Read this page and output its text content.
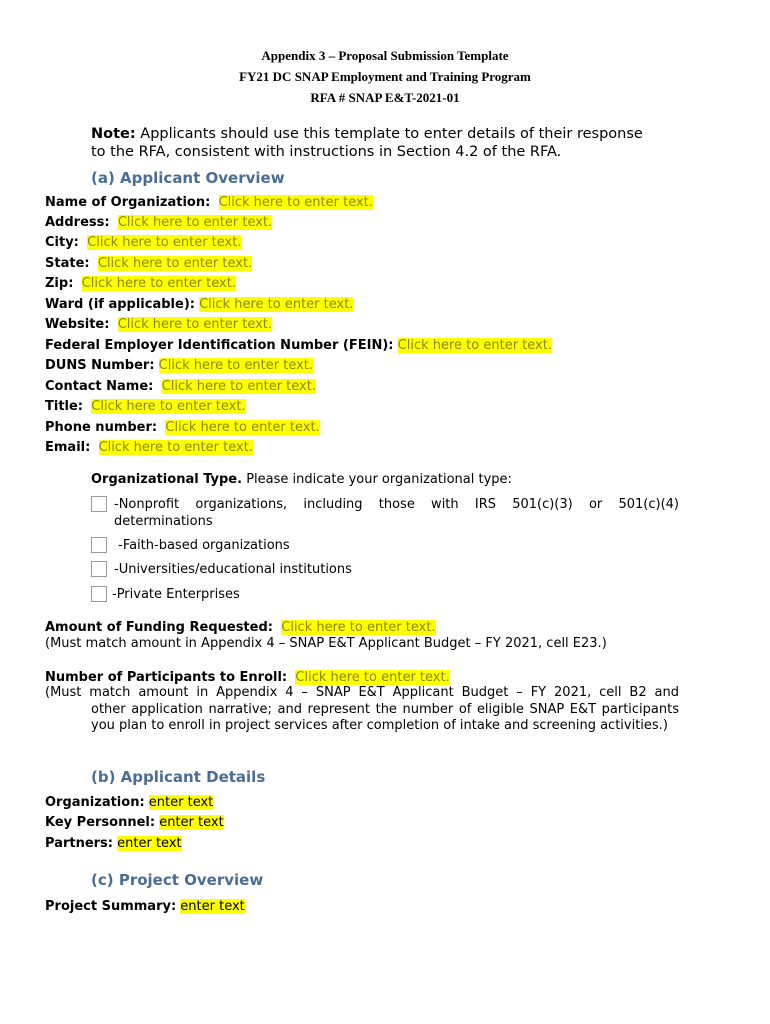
Appendix 3 – Proposal Submission Template
FY21 DC SNAP Employment and Training Program
RFA # SNAP E&T-2021-01
Note: Applicants should use this template to enter details of their response
to the RFA, consistent with instructions in Section 4.2 of the RFA.
(a) Applicant Overview
Name of Organization: Click here to enter text.
Address: Click here to enter text.
City: Click here to enter text.
State: Click here to enter text.
Zip: Click here to enter text.
Ward (if applicable): Click here to enter text.
Website: Click here to enter text.
Federal Employer Identification Number (FEIN): Click here to enter text.
DUNS Number: Click here to enter text.
Contact Name: Click here to enter text.
Title: Click here to enter text.
Phone number: Click here to enter text.
Email: Click here to enter text.
Organizational Type. Please indicate your organizational type:
-Nonprofit organizations, including those with IRS 501(c)(3) or 501(c)(4)
determinations
-Faith-based organizations
-Universities/educational institutions
-Private Enterprises
Amount of Funding Requested: Click here to enter text.
(Must match amount in Appendix 4 – SNAP E&T Applicant Budget – FY 2021, cell E23.)
Number of Participants to Enroll: Click here to enter text.
(Must match amount in Appendix 4 – SNAP E&T Applicant Budget – FY 2021, cell B2 and
other application narrative; and represent the number of eligible SNAP E&T participants you plan to enroll in project services after completion of intake and screening activities.)
(b) Applicant Details
Organization: enter text
Key Personnel: enter text
Partners: enter text
(c) Project Overview
Project Summary: enter text
